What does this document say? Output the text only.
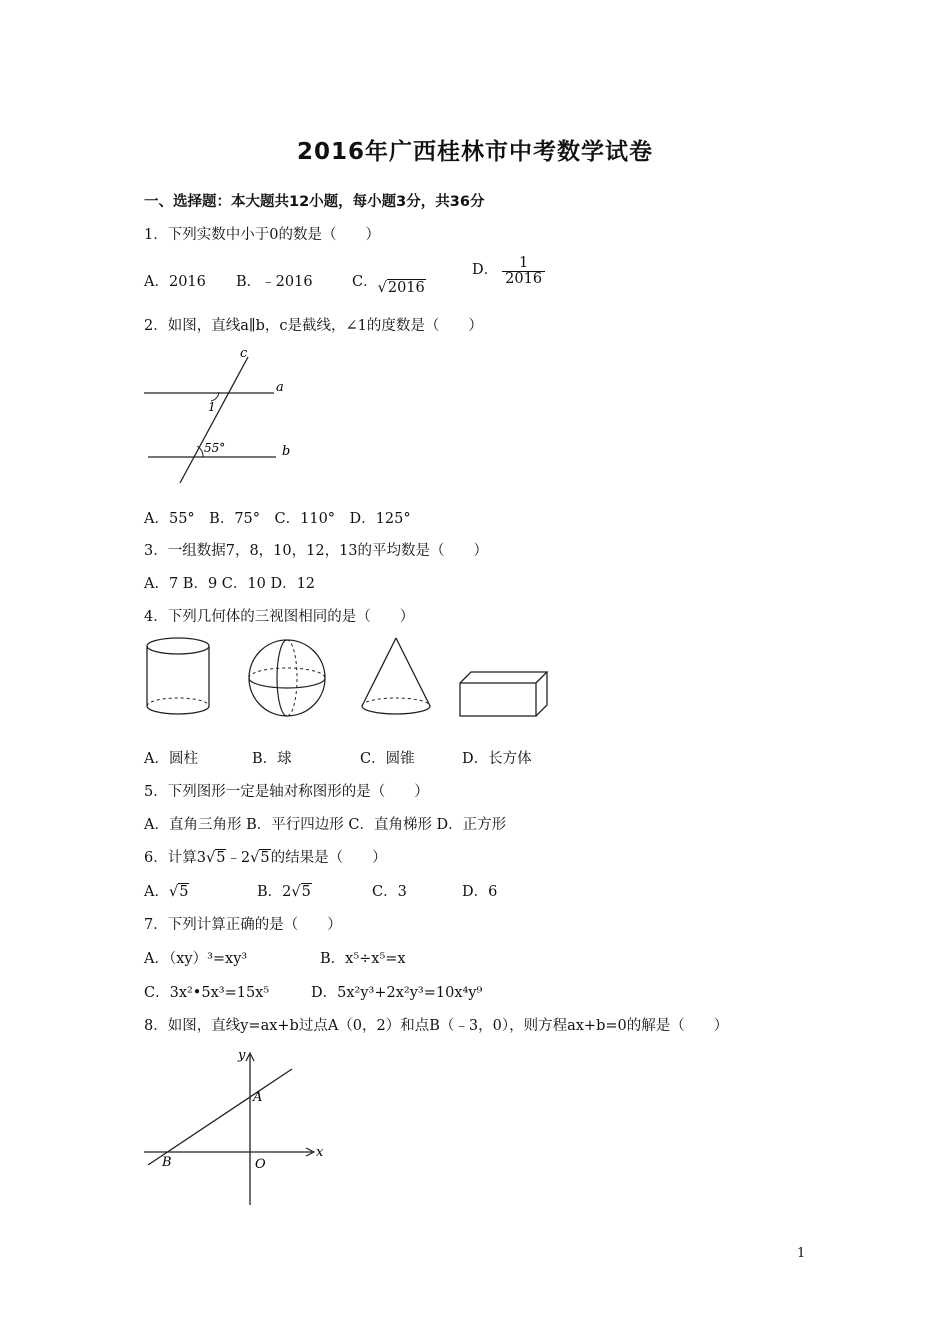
2016年广西桂林市中考数学试卷
一、选择题：本大题共12小题，每小题3分，共36分
1．下列实数中小于0的数是（　　）
A．2016 B．﹣2016	C．√2016
D． $\frac{1}{2016}$
2．如图，直线a∥b，c是截线，∠1的度数是（　　）
c
a
b
1
55°
A．55°　B．75°　C．110°　D．125°
3．一组数据7，8，10，12，13的平均数是（　　）
A．7 B．9 C．10 D．12
4．下列几何体的三视图相同的是（　　）
A．圆柱	B．球	C．圆锥	D．长方体
5．下列图形一定是轴对称图形的是（　　）
A．直角三角形 B．平行四边形 C．直角梯形 D．正方形
6．计算3√5﹣2√5的结果是（　　）
A．√5	B．2√5	C．3	D．6
7．下列计算正确的是（　　）
A．（xy）³=xy³	B．x⁵÷x⁵=x
C．3x²•5x³=15x⁵	D．5x²y³+2x²y³=10x⁴y⁹
8．如图，直线y=ax+b过点A（0，2）和点B（﹣3，0），则方程ax+b=0的解是（　　）
y
x
A
B	O
1
